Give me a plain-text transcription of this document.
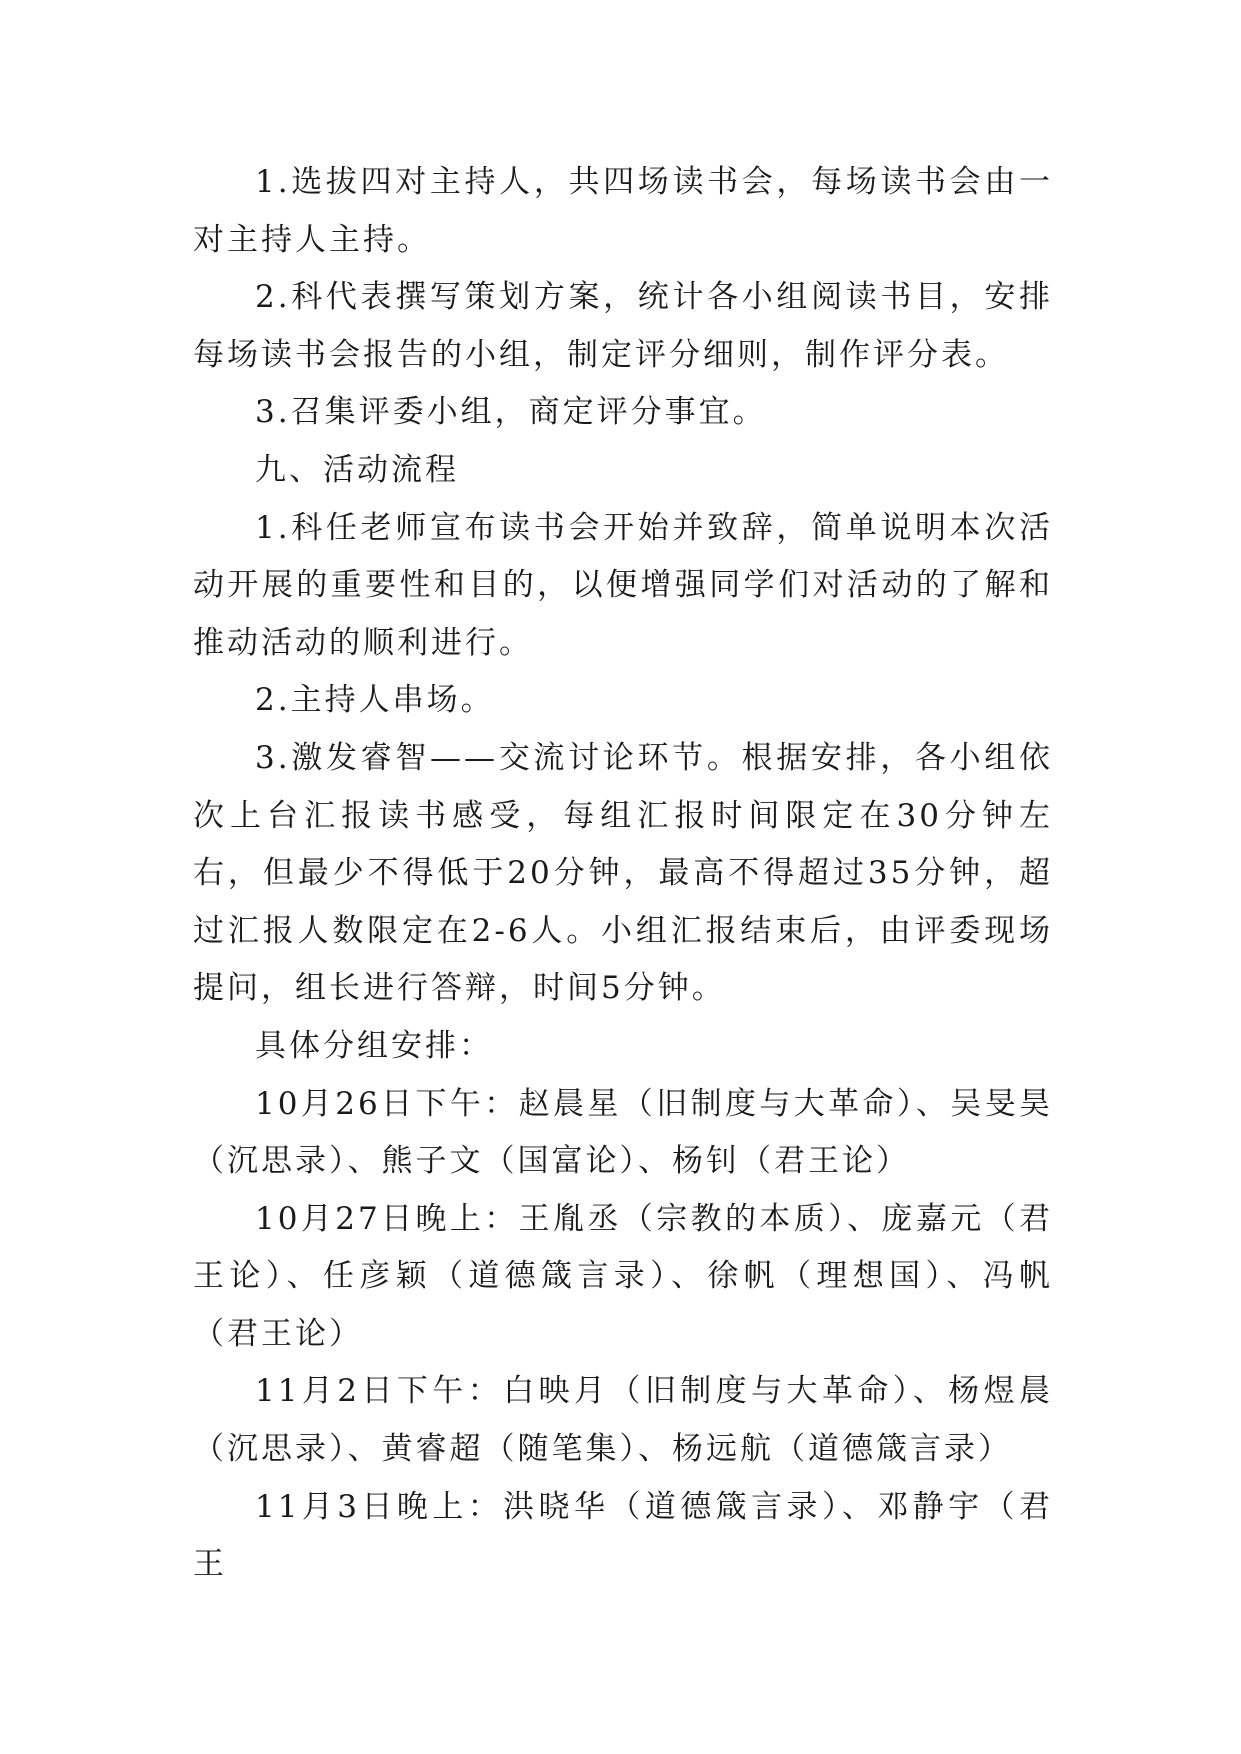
1.选拔四对主持人，共四场读书会，每场读书会由一对主持人主持。

2.科代表撰写策划方案，统计各小组阅读书目，安排每场读书会报告的小组，制定评分细则，制作评分表。

3.召集评委小组，商定评分事宜。

九、活动流程

1.科任老师宣布读书会开始并致辞，简单说明本次活动开展的重要性和目的，以便增强同学们对活动的了解和推动活动的顺利进行。

2.主持人串场。

3.激发睿智——交流讨论环节。根据安排，各小组依次上台汇报读书感受，每组汇报时间限定在30分钟左右，但最少不得低于20分钟，最高不得超过35分钟，超过汇报人数限定在2-6人。小组汇报结束后，由评委现场提问，组长进行答辩，时间5分钟。

具体分组安排：

10月26日下午：赵晨星（旧制度与大革命）、吴旻昊（沉思录）、熊子文（国富论）、杨钊（君王论）

10月27日晚上：王胤丞（宗教的本质）、庞嘉元（君王论）、任彦颖（道德箴言录）、徐帆（理想国）、冯帆（君王论）

11月2日下午：白映月（旧制度与大革命）、杨煜晨（沉思录）、黄睿超（随笔集）、杨远航（道德箴言录）

11月3日晚上：洪晓华（道德箴言录）、邓静宇（君王
